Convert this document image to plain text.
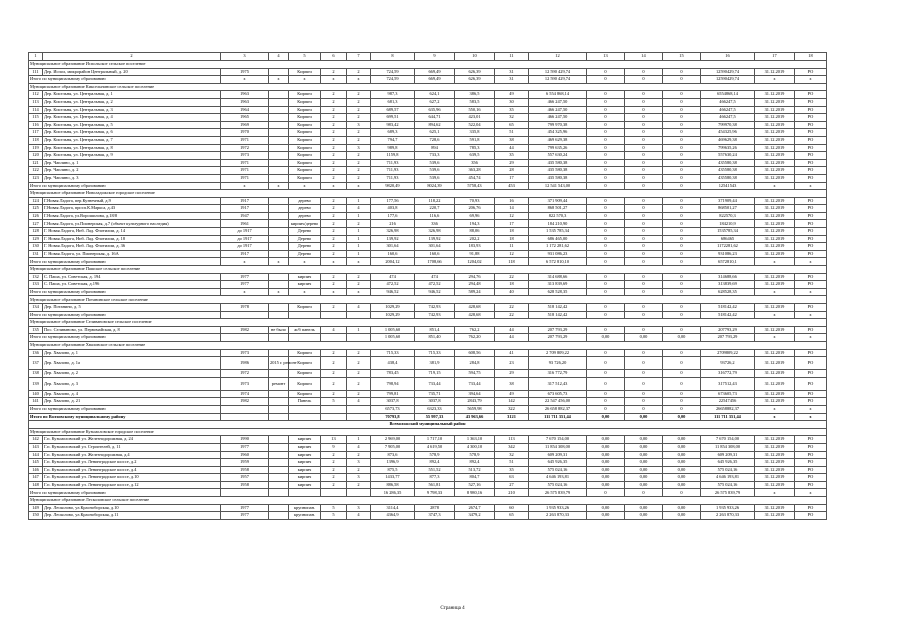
1	2	3	4	5	6	7	8	9	10	11	12	13	14	15	16	17	18
Муниципальное образование Испольское сельское поселение																	
111	Дер. Испол, микрорайон Центральный, д. 20	1975		Кирпич	2	2	724,59	669,49	626,39	31	12 590 429,74	0	0	0	12590429,74	31.12.2019	РО
Итого по муниципальному образованию		x	x	x	x	x	724,59	669,49	626,39	31	12 590 429,74	0	0	0	12590429,74	x	x
Муниципальное образование Киксельнинское сельское поселение																	
112	Дер. Кисельня, ул. Центральная, д. 1	1963		Кирпич	2	2	987,3	624,1	386,5	49	6 554 868,14	0	0	0	6554868,14	31.12.2019	РО
113	Дер. Кисельня, ул. Центральная, д. 2	1963		Кирпич	2	2	681,3	627,2	583,5	30	466 247,50	0	0	0	466247,5	31.12.2019	РО
114	Дер. Кисельня, ул. Центральная, д. 3	1964		Кирпич	2	2	689,57	635,96	550,16	35	466 247,50	0	0	0	466247,5	31.12.2019	РО
115	Дер. Кисельня, ул. Центральная, д. 4	1965		Кирпич	2	2	699,51	644,71	423,01	32	466 247,50	0	0	0	466247,5	31.12.2019	РО
116	Дер. Кисельня, ул. Центральная, д. 5	1969		Кирпич	2	3	983,42	894,62	522,04	65	799 970,38	0	0	0	799970,38	31.12.2019	РО
117	Дер. Кисельня, ул. Центральная, д. 6	1970		Кирпич	2	2	689,3	625,1	335,8	51	454 325,96	0	0	0	454325,96	31.12.2019	РО
118	Дер. Кисельня, ул. Центральная, д. 7	1971		Кирпич	2	2	794,7	728,6	591,8	38	469 629,38	0	0	0	469629,38	31.12.2019	РО
119	Дер. Кисельня, ул. Центральная, д. 8	1972		Кирпич	2	3	989,8	894	785,3	44	799 635,26	0	0	0	799635,26	31.12.2019	РО
120	Дер. Кисельня, ул. Центральная, д. 9	1973		Кирпич	2	2	1159,8	733,3	639,5	35	557 630,24	0	0	0	557630,24	31.12.2019	РО
121	Дер. Чаплино, д. 1	1971		Кирпич	2	2	711,93	539,6	356	29	435 580,38	0	0	0	435580,38	31.12.2019	РО
122	Дер. Чаплино, д. 2	1971		Кирпич	2	2	711,93	539,6	363,28	28	435 580,38	0	0	0	435580,38	31.12.2019	РО
123	Дер. Чаплино, д. 3	1971		Кирпич	2	2	711,93	539,6	454,74	17	435 580,38	0	0	0	435580,38	31.12.2019	РО
Итого по муниципальному образованию		x	x	x	x	x	9820,49	8024,39	5758,43	453	12 541 543,00	0	0	0	12541543	x	x
Муниципальное образование Новоладожское городское поселение																	
124	Г.Новая Ладога, пер.Кузнечный, д.9	1917		дерево	2	1	177,56	118,22	70,93	16	371 909,44	0	0	0	371909,44	31.12.2019	РО
125	Г.Новая Ладога, просп.К.Маркса, д.43	1917		дерево	2	4	403,8	220,7	206,76	14	868 501,27	0	0	0	868501,27	31.12.2019	РО
126	Г.Новая Ладога, ул.Ворошилова, д.18/8	1947		дерево	2	1	177,6	116,6	69,96	12	822 570,3	0	0	0	822570,3	31.12.2019	РО
127	Г.Новая Ладога, ул.Пионерская, д.7 (объект культурного наследия)	1961		кирпич/дерево	2	2	216	336	194,3	17	184 210,90	0	0	0	184210,9	31.12.2019	РО
128	Г. Новая Ладога, Нпб. Лад. Флотилии, д. 14	до 1917		Дерево	2	1	326,98	326,98	88,06	18	1 535 785,34	0	0	0	1535785,34	31.12.2019	РО
129	Г. Новая Ладога, Нпб. Лад. Флотилии, д. 18	до 1917		Дерево	2	1	139,92	139,92	202,2	18	686 465,00	0	0	0	686465	31.12.2019	РО
130	Г. Новая Ладога, Нпб. Лад. Флотилии, д. 36	до 1917		Дерево	2	1	301,64	301,64	183,93	11	1 172 281,62	0	0	0	1172281,62	31.12.2019	РО
131	Г. Новая Ладога, ул. Пионерская, д. 16А	1917		Дерево	2	1	160,6	160,6	91,88	12	931 086,23	0	0	0	931086,23	31.12.2019	РО
Итого по муниципальному образованию		x	x	x	x	x	2004,12	1708,66	1204,02	118	6 572 810,10	0	0	0	6572810,1	x	x
Муниципальное образование Пашское сельское поселение																	
132	С. Паша, ул. Советская, д. 194	1977		кирпич	2	2	474	474	294,76	22	314 688,66	0	0	0	314688,66	31.12.2019	РО
133	С. Паша, ул. Советская, д.196	1977		кирпич	2	2	472,52	472,52	294,48	18	313 839,69	0	0	0	313839,69	31.12.2019	РО
Итого по муниципальному образованию		x	x	x	x	x	946,52	946,52	589,24	40	628 528,35	0	0	0	628528,35	x	x
Муниципальное образование Потанинское сельское поселение																	
134	Дер. Потанино, д. 5	1978		Кирпич	2	4	1029,29	742,93	428,68	22	518 142,42	0	0	0	518142,42	31.12.2019	РО
Итого по муниципальному образованию							1029,29	742,93	428,68	22	518 142,42	0	0	0	518142,42	x	x
Муниципальное образование Селивановское сельское поселение																	
135	Пос. Селиваново, ул. Первомайская, д. 8	1982	не было	ж/б панель	4	1	1 005,60	851,4	762,2	44	207 793,29	0	0	0	207793,29	31.12.2019	РО
Итого по муниципальному образованию							1 005,60	851,40	762,20	44	207 793,29	0,00	0,00	0,00	207 793,29	x	x
Муниципальное образование Хваловское сельское поселение																	
136	Дер. Хвалово, д. 1	1973		Кирпич	2	2	715,33	715,33	608,56	41	2 709 809,22	0	0	0	2709809,22	31.12.2019	РО
137	Дер. Хвалово, д. 1а	1986	2015 г. ремонт	Кирпич	2	2	438,4	381,9	284,8	23	93 726,20	0	0	0	93726,2	31.12.2019	РО
138	Дер. Хвалово, д. 2	1972		Кирпич	2	2	783,45	719,15	594,75	29	316 772,79	0	0	0	316772,79	31.12.2019	РО
139	Дер. Хвалово, д. 3	1973	ремонт	Кирпич	2	2	798,94	733,44	733,44	38	317 512,43	0	0	0	317512,43	31.12.2019	РО
140	Дер. Хвалово, д. 4	1974		Кирпич	2	2	799,81	735,71	394,64	49	673 605,73	0	0	0	673605,73	31.12.2019	РО
141	Дер. Хвалово, д. 21	1982		Панель	5	4	3037,8	3037,8	2843,79	142	22 547 456,00	0	0	0	22547456	31.12.2019	РО
Итого по муниципальному образованию							6573,73	6323,33	5659,98	322	26 658 882,37	0	0	0	26658882,37	x	x
Итого по Волховскому муниципальному району							70793,8	55 997,33	43 963,66	3121	111 711 351,44	0,00	0,00	0,00	111 711 351,44	x	x
Всеволожский муниципальный район																	
Муниципальное образование Кузьмоловское городское поселение																	
142	Г.п. Кузьмоловский ул. Железнодорожная, д. 24	1990		кирпич	13	1	2 969,00	1 717,10	1 363,10	113	7 670 154,00	0,00	0,00	0,00	7 670 154,00	31.12.2019	РО
143	Г.п. Кузьмоловский ул. Строителей, д. 11	1977		кирпич	9	4	7 905,00	4 619,50	4 300,10	342	11 854 308,00	0,00	0,00	0,00	11 854 308,00	31.12.2019	РО
144	Г.п. Кузьмоловский ул. Железнодорожная, д.4	1960		кирпич	2	2	873,6	578,9	578,9	32	609 209,31	0,00	0,00	0,00	609 209,31	31.12.2019	РО
145	Г.п. Кузьмоловский ул. Ленинградское шоссе, д.2	1959		кирпич	2	3	1396,9	892,4	892,4	51	645 926,35	0,00	0,00	0,00	645 926,35	31.12.2019	РО
146	Г.п. Кузьмоловский ул. Ленинградское шоссе, д.4	1958		кирпич	2	2	875,5	551,52	513,72	35	575 024,16	0,00	0,00	0,00	575 024,16	31.12.2019	РО
147	Г.п. Кузьмоловский ул. Ленинградское шоссе, д.10	1957		кирпич	2	3	1433,77	877,3	804,7	63	4 646 193,81	0,00	0,00	0,00	4 646 193,81	31.12.2019	РО
148	Г.п. Кузьмоловский ул. Ленинградское шоссе, д.12	1958		кирпич	2	2	886,58	561,81	527,16	27	575 024,16	0,00	0,00	0,00	575 024,16	31.12.2019	РО
Итого по муниципальному образованию							16 286,35	9 798,33	8 980,16	210	26 575 839,79	0	0	0	26 575 839,79	x	x
Муниципальное образование Лесколовское сельское поселение																	
149	Дер. Лесколово, ул.Красноборская, д.10	1977		крупнопан.	5	3	3114,4	2878	2674,7	60	1 935 933,26	0,00	0,00	0,00	1 935 933,26	31.12.2019	РО
150	Дер. Лесколово, ул.Красноборская, д.11	1977		крупнопан.	5	4	4364,9	3747,3	3479,2	65	2 263 870,33	0,00	0,00	0,00	2 263 870,33	31.12.2019	РО
Страница 4
